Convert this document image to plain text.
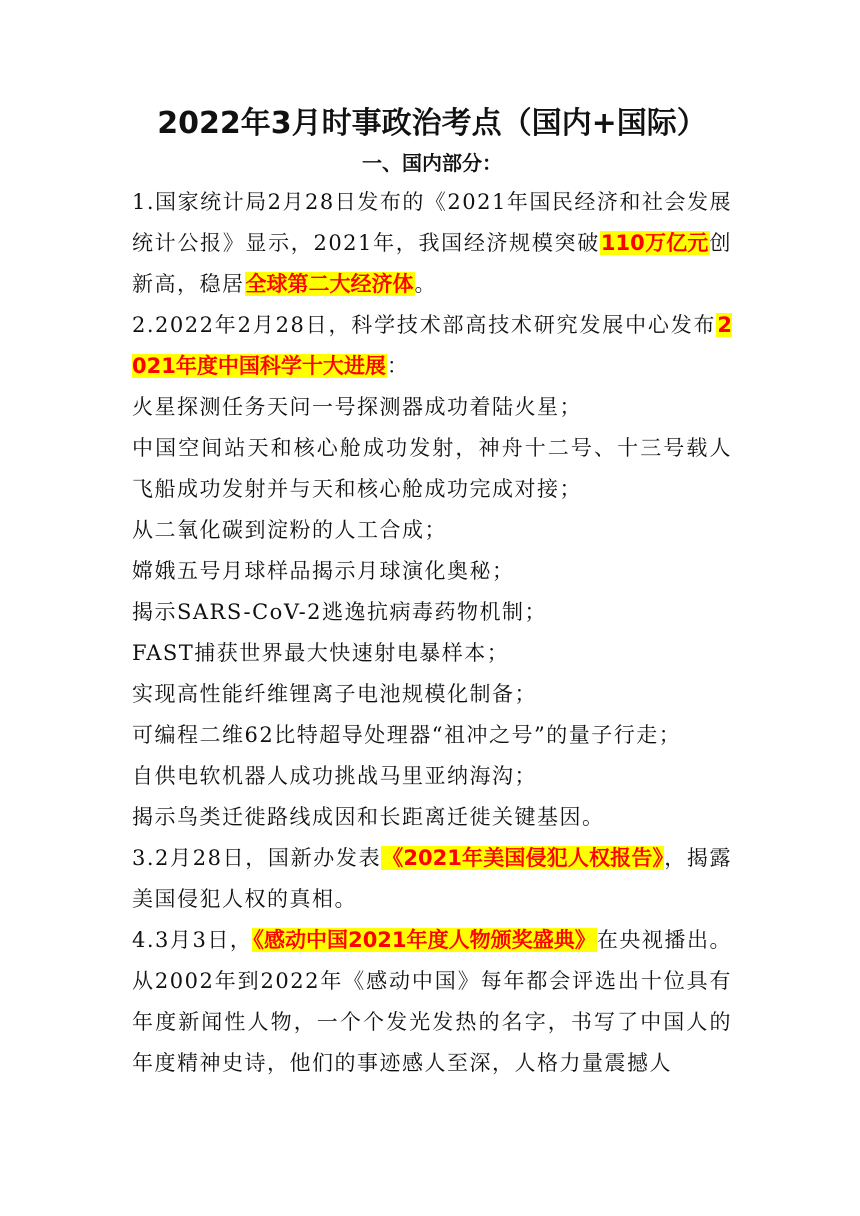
2022年3月时事政治考点（国内+国际）
一、国内部分：

1.国家统计局2月28日发布的《2021年国民经济和社会发展统计公报》显示，2021年，我国经济规模突破110万亿元创新高，稳居全球第二大经济体。

2.2022年2月28日，科学技术部高技术研究发展中心发布2021年度中国科学十大进展：

火星探测任务天问一号探测器成功着陆火星；

中国空间站天和核心舱成功发射，神舟十二号、十三号载人飞船成功发射并与天和核心舱成功完成对接；

从二氧化碳到淀粉的人工合成；

嫦娥五号月球样品揭示月球演化奥秘；

揭示SARS-CoV-2逃逸抗病毒药物机制；

FAST捕获世界最大快速射电暴样本；

实现高性能纤维锂离子电池规模化制备；

可编程二维62比特超导处理器“祖冲之号”的量子行走；

自供电软机器人成功挑战马里亚纳海沟；

揭示鸟类迁徙路线成因和长距离迁徙关键基因。

3.2月28日，国新办发表《2021年美国侵犯人权报告》，揭露美国侵犯人权的真相。

4.3月3日，《感动中国2021年度人物颁奖盛典》在央视播出。从2002年到2022年《感动中国》每年都会评选出十位具有年度新闻性人物，一个个发光发热的名字，书写了中国人的年度精神史诗，他们的事迹感人至深，人格力量震撼人
